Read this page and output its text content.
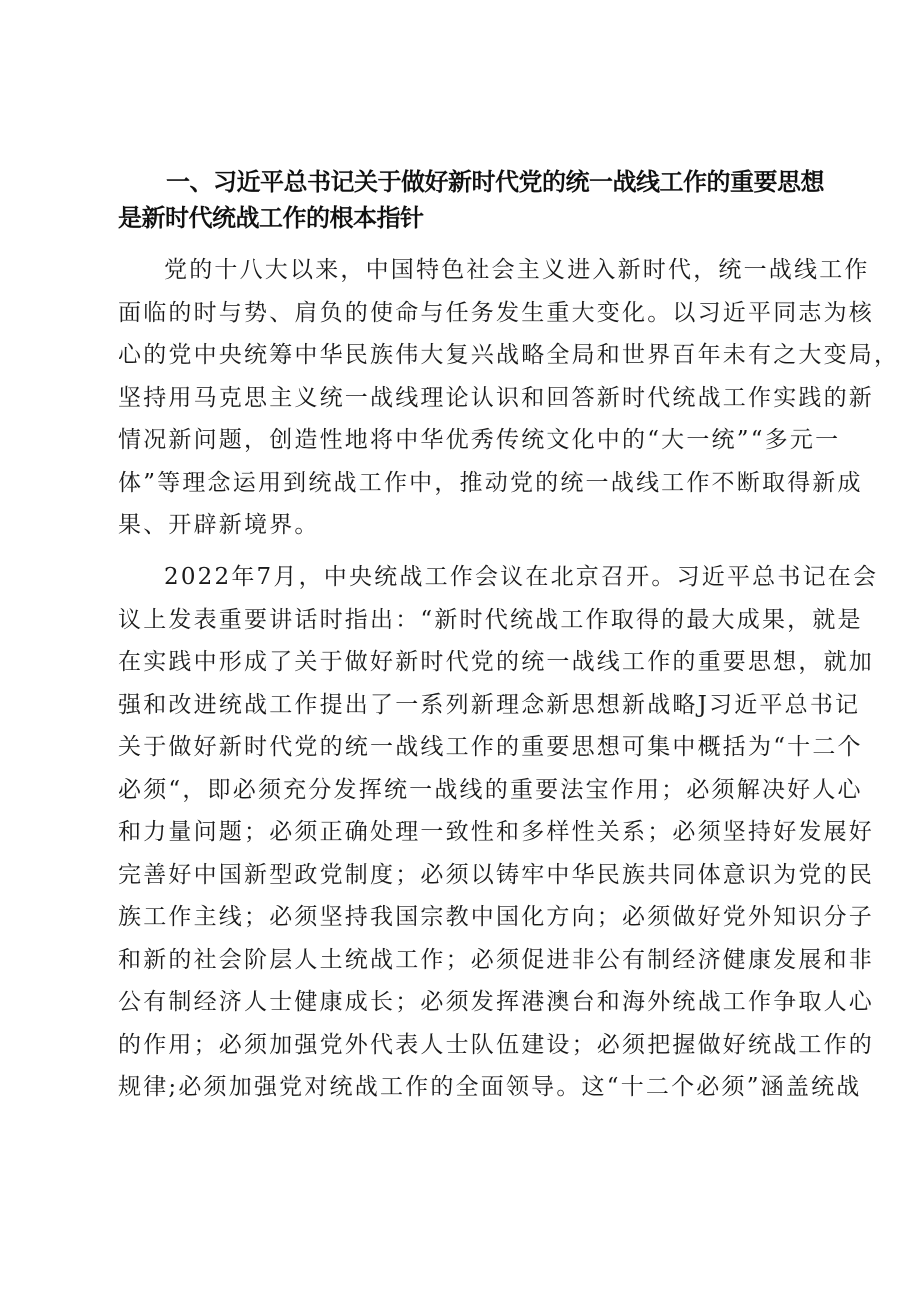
一、习近平总书记关于做好新时代党的统一战线工作的重要思想
是新时代统战工作的根本指针

党的十八大以来，中国特色社会主义进入新时代，统一战线工作
面临的时与势、肩负的使命与任务发生重大变化。以习近平同志为核
心的党中央统筹中华民族伟大复兴战略全局和世界百年未有之大变局，
坚持用马克思主义统一战线理论认识和回答新时代统战工作实践的新
情况新问题，创造性地将中华优秀传统文化中的“大一统”“多元一
体”等理念运用到统战工作中，推动党的统一战线工作不断取得新成
果、开辟新境界。

2022年7月，中央统战工作会议在北京召开。习近平总书记在会
议上发表重要讲话时指出：“新时代统战工作取得的最大成果，就是
在实践中形成了关于做好新时代党的统一战线工作的重要思想，就加
强和改进统战工作提出了一系列新理念新思想新战略J习近平总书记
关于做好新时代党的统一战线工作的重要思想可集中概括为“十二个
必须“，即必须充分发挥统一战线的重要法宝作用；必须解决好人心
和力量问题；必须正确处理一致性和多样性关系；必须坚持好发展好
完善好中国新型政党制度；必须以铸牢中华民族共同体意识为党的民
族工作主线；必须坚持我国宗教中国化方向；必须做好党外知识分子
和新的社会阶层人土统战工作；必须促进非公有制经济健康发展和非
公有制经济人士健康成长；必须发挥港澳台和海外统战工作争取人心
的作用；必须加强党外代表人士队伍建设；必须把握做好统战工作的
规律;必须加强党对统战工作的全面领导。这“十二个必须”涵盖统战
